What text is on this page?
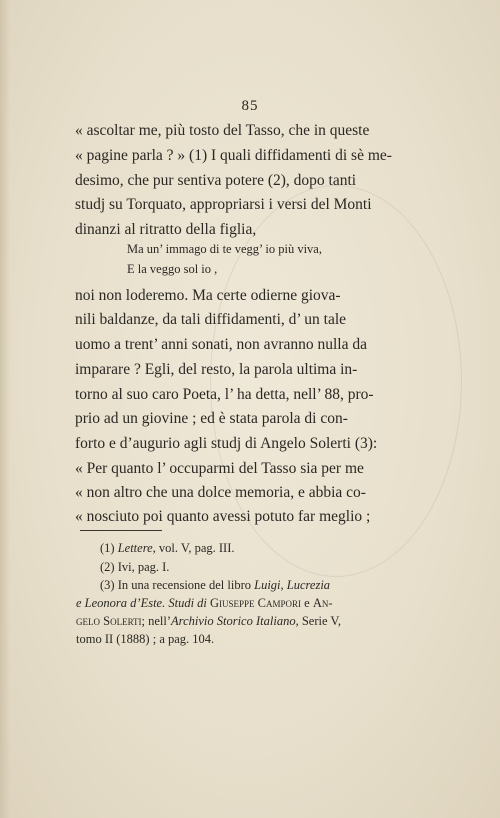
85
« ascoltar me, più tosto del Tasso, che in queste
« pagine parla ? » (1) I quali diffidamenti di sè me-
desimo, che pur sentiva potere (2), dopo tanti
studj su Torquato, appropriarsi i versi del Monti
dinanzi al ritratto della figlia,
Ma un’ immago di te vegg’ io più viva,
E la veggo sol io ,
noi non loderemo. Ma certe odierne giova-
nili baldanze, da tali diffidamenti, d’ un tale
uomo a trent’ anni sonati, non avranno nulla da
imparare ? Egli, del resto, la parola ultima in-
torno al suo caro Poeta, l’ ha detta, nell’ 88, pro-
prio ad un giovine ; ed è stata parola di con-
forto e d’augurio agli studj di Angelo Solerti (3):
« Per quanto l’ occuparmi del Tasso sia per me
« non altro che una dolce memoria, e abbia co-
« nosciuto poi quanto avessi potuto far meglio ;
(1) Lettere, vol. V, pag. III.
(2) Ivi, pag. I.
(3) In una recensione del libro Luigi, Lucrezia
e Leonora d’Este. Studi di Giuseppe Campori e An-
gelo Solerti; nell’Archivio Storico Italiano, Serie V,
tomo II (1888) ; a pag. 104.
